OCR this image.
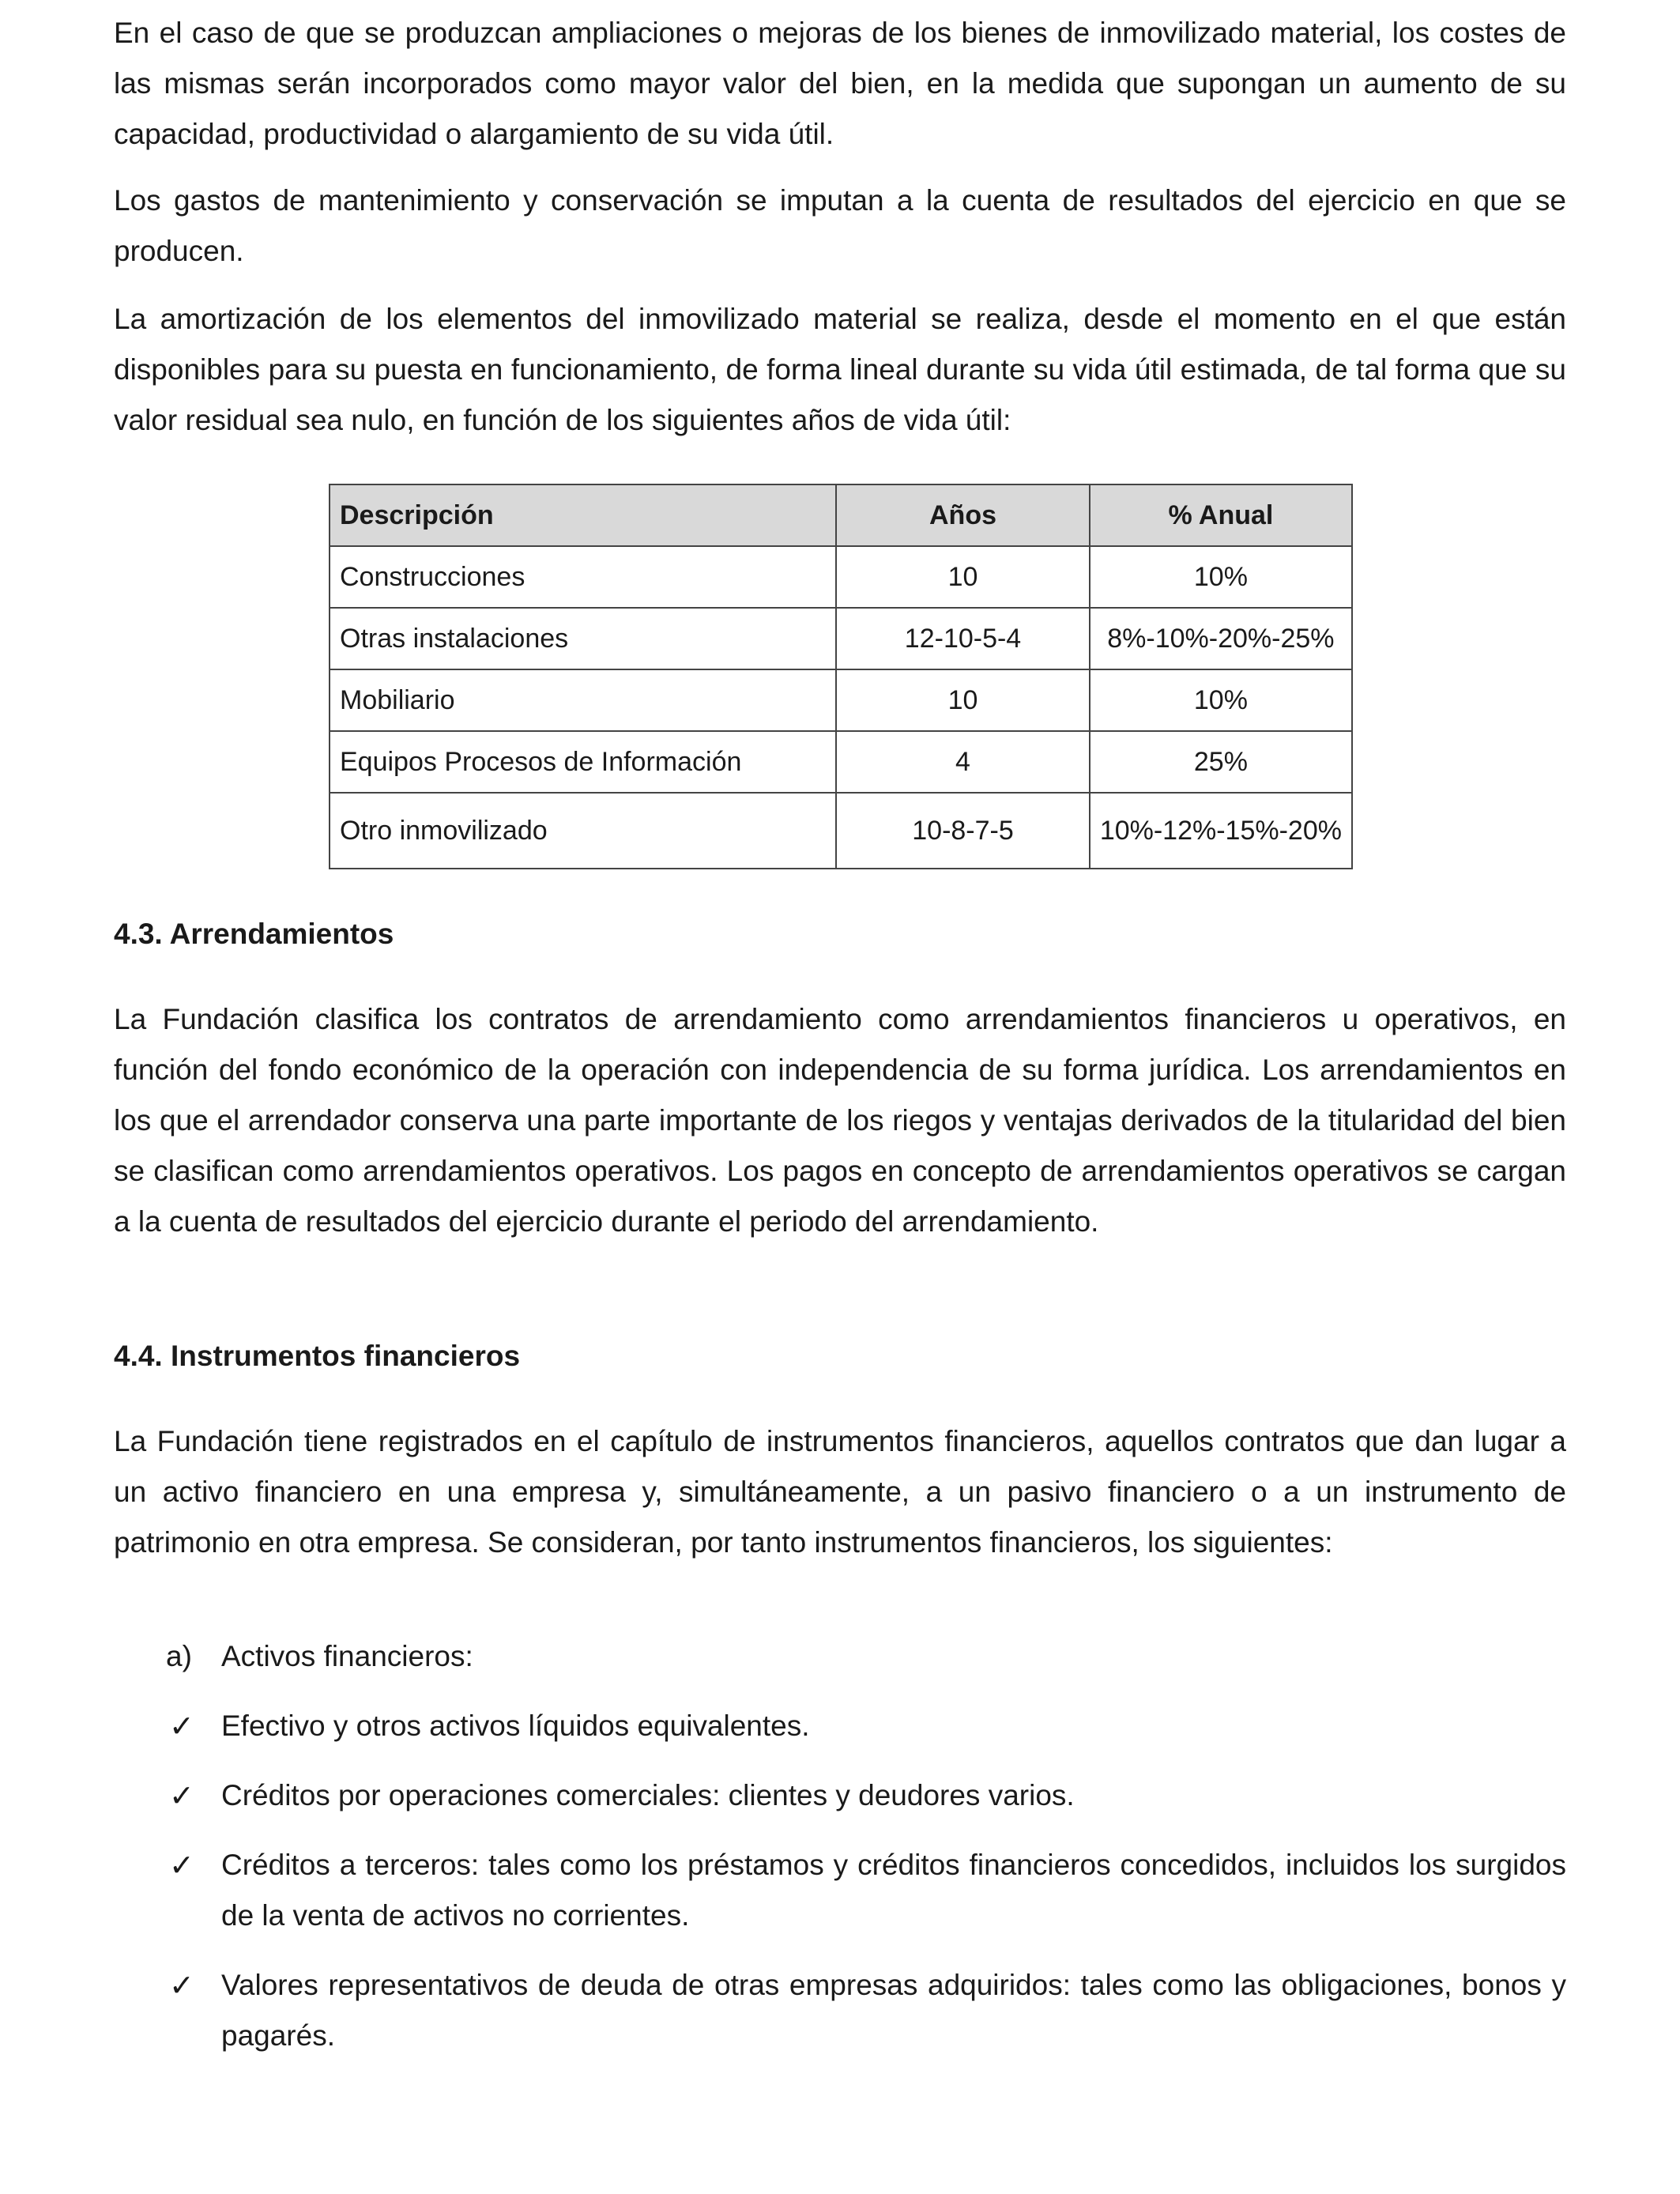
En el caso de que se produzcan ampliaciones o mejoras de los bienes de inmovilizado material, los costes de las mismas serán incorporados como mayor valor del bien, en la medida que supongan un aumento de su capacidad, productividad o alargamiento de su vida útil.

Los gastos de mantenimiento y conservación se imputan a la cuenta de resultados del ejercicio en que se producen.

La amortización de los elementos del inmovilizado material se realiza, desde el momento en el que están disponibles para su puesta en funcionamiento, de forma lineal durante su vida útil estimada, de tal forma que su valor residual sea nulo, en función de los siguientes años de vida útil:

Descripción	Años	% Anual
Construcciones	10	10%
Otras instalaciones	12-10-5-4	8%-10%-20%-25%
Mobiliario	10	10%
Equipos Procesos de Información	4	25%
Otro inmovilizado	10-8-7-5	10%-12%-15%-20%
4.3. Arrendamientos

La Fundación clasifica los contratos de arrendamiento como arrendamientos financieros u operativos, en función del fondo económico de la operación con independencia de su forma jurídica. Los arrendamientos en los que el arrendador conserva una parte importante de los riegos y ventajas derivados de la titularidad del bien se clasifican como arrendamientos operativos. Los pagos en concepto de arrendamientos operativos se cargan a la cuenta de resultados del ejercicio durante el periodo del arrendamiento.

4.4. Instrumentos financieros

La Fundación tiene registrados en el capítulo de instrumentos financieros, aquellos contratos que dan lugar a un activo financiero en una empresa y, simultáneamente, a un pasivo financiero o a un instrumento de patrimonio en otra empresa. Se consideran, por tanto instrumentos financieros, los siguientes:

a) Activos financieros:
✓ Efectivo y otros activos líquidos equivalentes.
✓ Créditos por operaciones comerciales: clientes y deudores varios.
✓ Créditos a terceros: tales como los préstamos y créditos financieros concedidos, incluidos los surgidos de la venta de activos no corrientes.
✓ Valores representativos de deuda de otras empresas adquiridos: tales como las obligaciones, bonos y pagarés.
